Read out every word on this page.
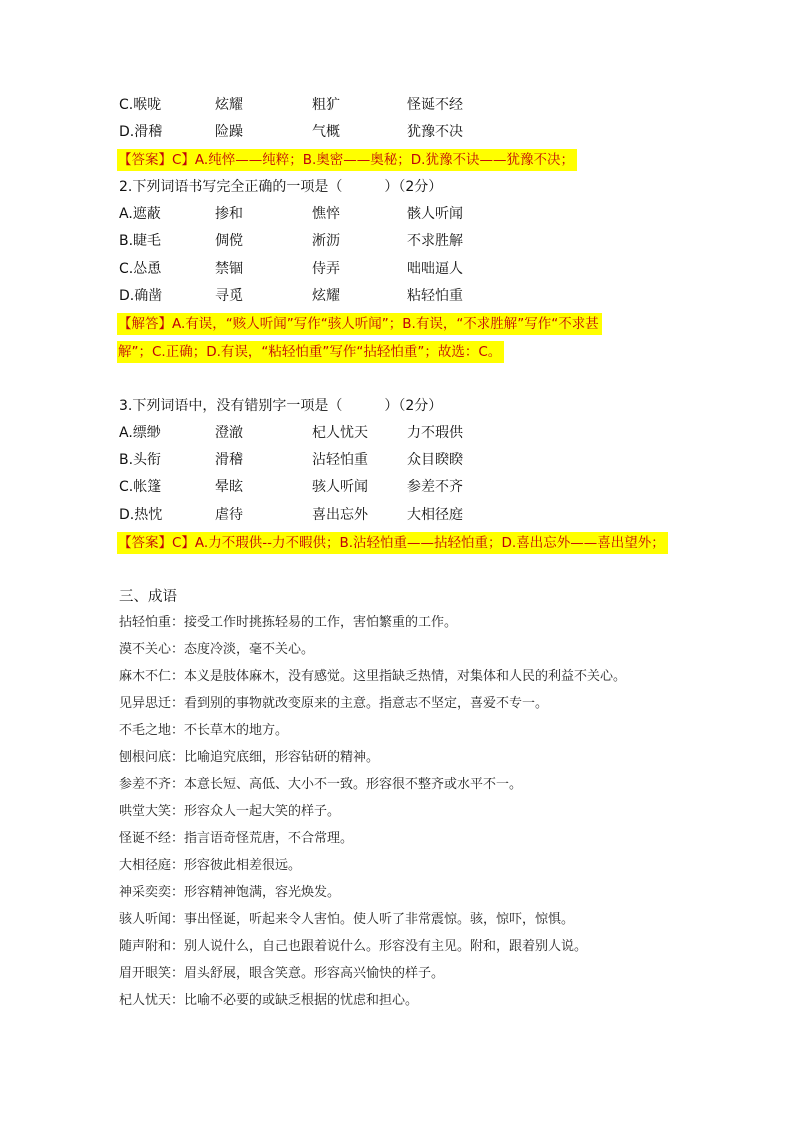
C.喉咙	炫耀	粗犷	怪诞不经
D.滑稽	险躁	气概	犹豫不决
【答案】C】A.纯悴——纯粹；B.奥密——奥秘；D.犹豫不诀——犹豫不决；
2.下列词语书写完全正确的一项是（　　　）（2分）
A.遮蔽	掺和	憔悴	骸人听闻
B.睫毛	倜傥	淅沥	不求胜解
C.怂恿	禁锢	侍弄	咄咄逼人
D.确凿	寻觅	炫耀	粘轻怕重
【解答】A.有误，“赅人听闻”写作“骇人听闻”；B.有误，“不求胜解”写作“不求甚
解”；C.正确；D.有误，“粘轻怕重”写作“拈轻怕重”；故选：C。
3.下列词语中，没有错别字一项是（　　　）（2分）
A.缥缈	澄澈	杞人忧天	力不瑕供
B.头衔	滑稽	沾轻怕重	众目睽睽
C.帐篷	晕眩	骇人听闻	参差不齐
D.热忱	虐待	喜出忘外	大相径庭
【答案】C】A.力不瑕供--力不暇供；B.沾轻怕重——拈轻怕重；D.喜出忘外——喜出望外；
三、成语
拈轻怕重：接受工作时挑拣轻易的工作，害怕繁重的工作。
漠不关心：态度冷淡，毫不关心。
麻木不仁：本义是肢体麻木，没有感觉。这里指缺乏热情，对集体和人民的利益不关心。
见异思迁：看到别的事物就改变原来的主意。指意志不坚定，喜爱不专一。
不毛之地：不长草木的地方。
刨根问底：比喻追究底细，形容钻研的精神。
参差不齐：本意长短、高低、大小不一致。形容很不整齐或水平不一。
哄堂大笑：形容众人一起大笑的样子。
怪诞不经：指言语奇怪荒唐，不合常理。
大相径庭：形容彼此相差很远。
神采奕奕：形容精神饱满，容光焕发。
骇人听闻：事出怪诞，听起来令人害怕。使人听了非常震惊。骇，惊吓，惊惧。
随声附和：别人说什么，自己也跟着说什么。形容没有主见。附和，跟着别人说。
眉开眼笑：眉头舒展，眼含笑意。形容高兴愉快的样子。
杞人忧天：比喻不必要的或缺乏根据的忧虑和担心。
